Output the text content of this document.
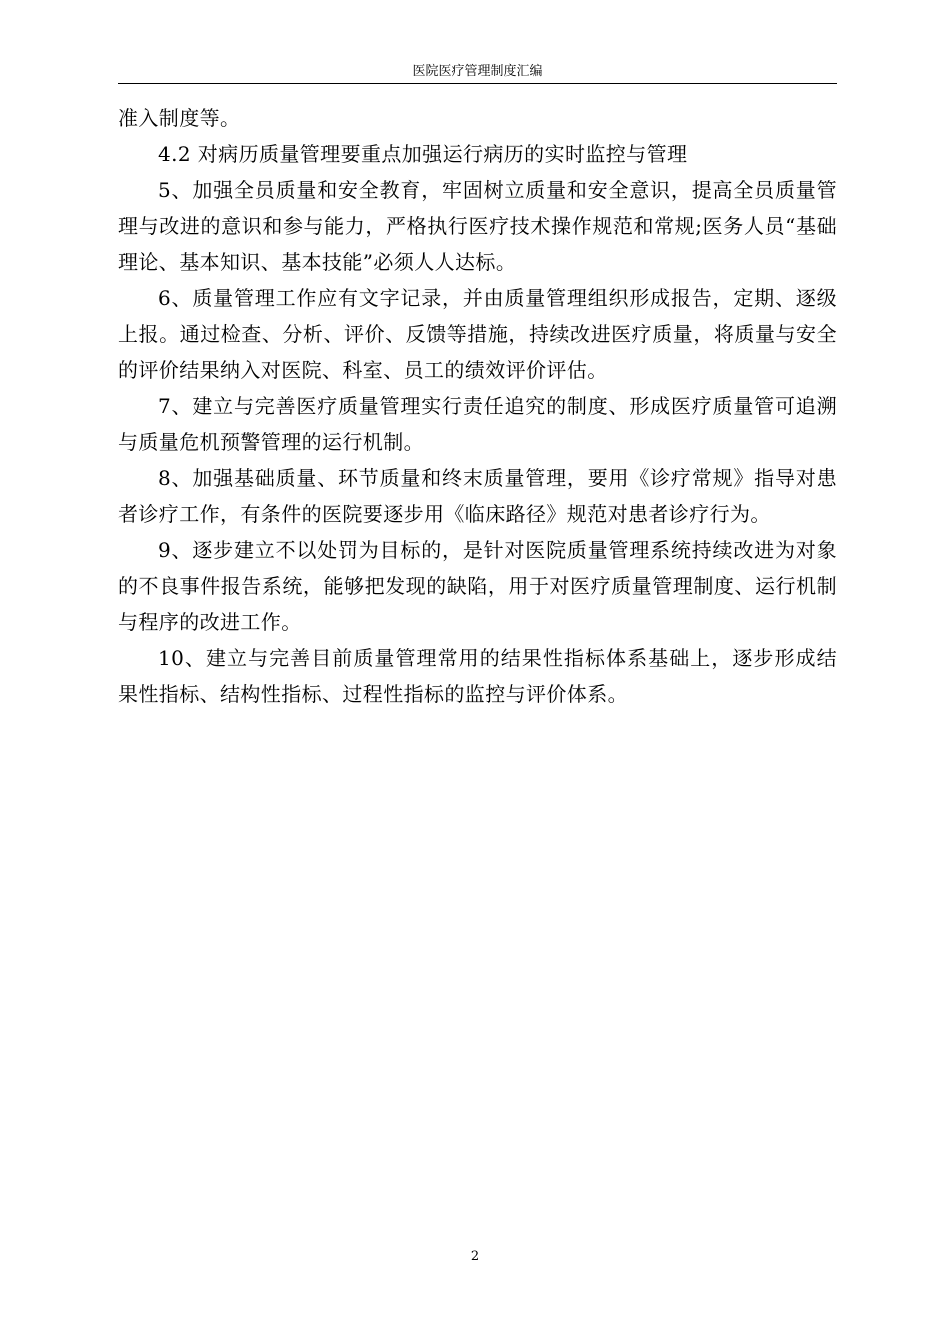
医院医疗管理制度汇编

准入制度等。

4.2 对病历质量管理要重点加强运行病历的实时监控与管理

5、加强全员质量和安全教育，牢固树立质量和安全意识，提高全员质量管理与改进的意识和参与能力，严格执行医疗技术操作规范和常规;医务人员“基础理论、基本知识、基本技能”必须人人达标。

6、质量管理工作应有文字记录，并由质量管理组织形成报告，定期、逐级上报。通过检查、分析、评价、反馈等措施，持续改进医疗质量，将质量与安全的评价结果纳入对医院、科室、员工的绩效评价评估。

7、建立与完善医疗质量管理实行责任追究的制度、形成医疗质量管可追溯与质量危机预警管理的运行机制。

8、加强基础质量、环节质量和终末质量管理，要用《诊疗常规》指导对患者诊疗工作，有条件的医院要逐步用《临床路径》规范对患者诊疗行为。

9、逐步建立不以处罚为目标的，是针对医院质量管理系统持续改进为对象的不良事件报告系统，能够把发现的缺陷，用于对医疗质量管理制度、运行机制与程序的改进工作。

10、建立与完善目前质量管理常用的结果性指标体系基础上，逐步形成结果性指标、结构性指标、过程性指标的监控与评价体系。

2
